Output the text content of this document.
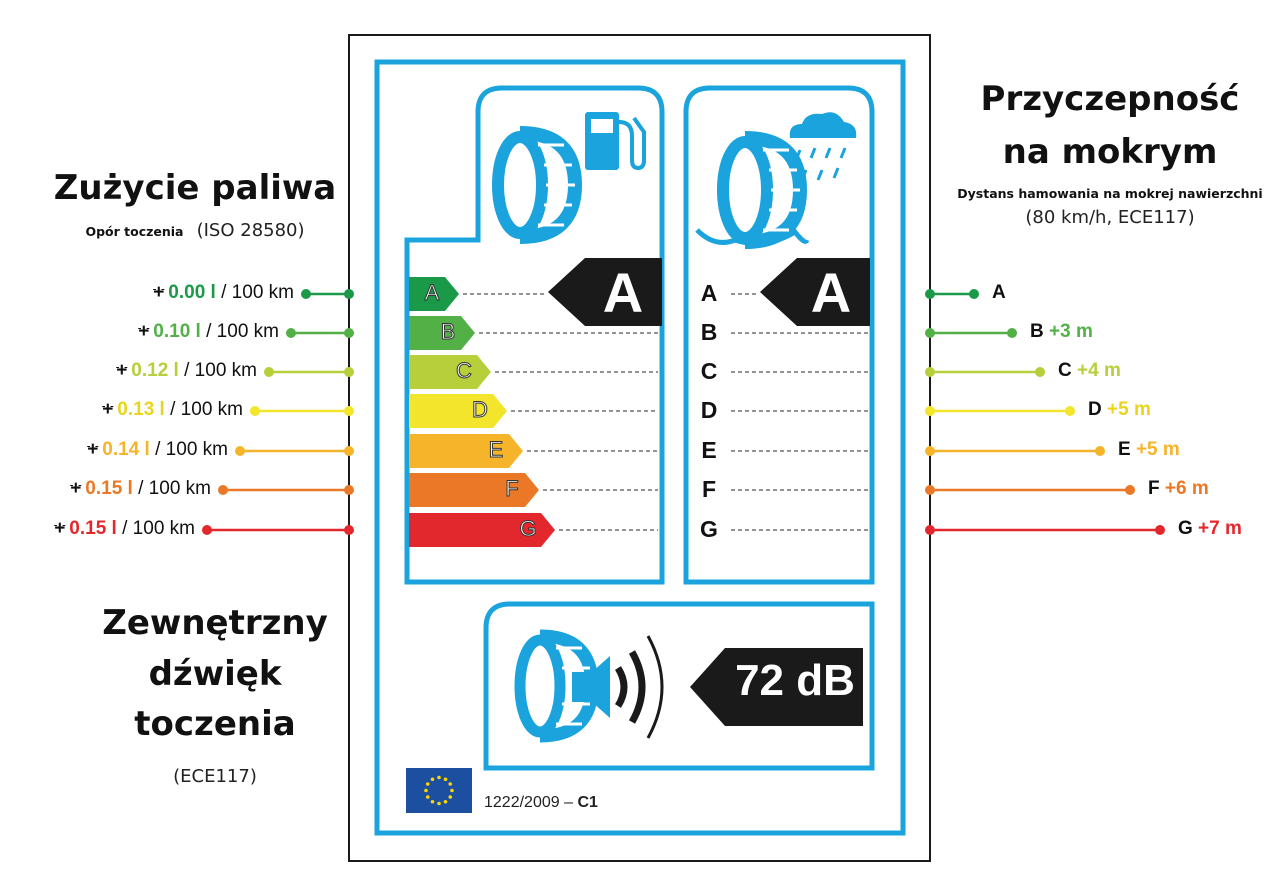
Zużycie paliwa
Opór toczenia (ISO 28580)
+ 0.00 l / 100 km
+ 0.10 l / 100 km
+ 0.12 l / 100 km
+ 0.13 l / 100 km
+ 0.14 l / 100 km
+ 0.15 l / 100 km
+ 0.15 l / 100 km
Zewnętrzny
dźwięk
toczenia
(ECE117)
Przyczepność
na mokrym
Dystans hamowania na mokrej nawierzchni
(80 km/h, ECE117)
A
B +3 m
C +4 m
D +5 m
E +5 m
F +6 m
G +7 m
A	A
72 dB
A
B
C
D
E
F
G
A
B
C
D
E
F
G
1222/2009 – C1
